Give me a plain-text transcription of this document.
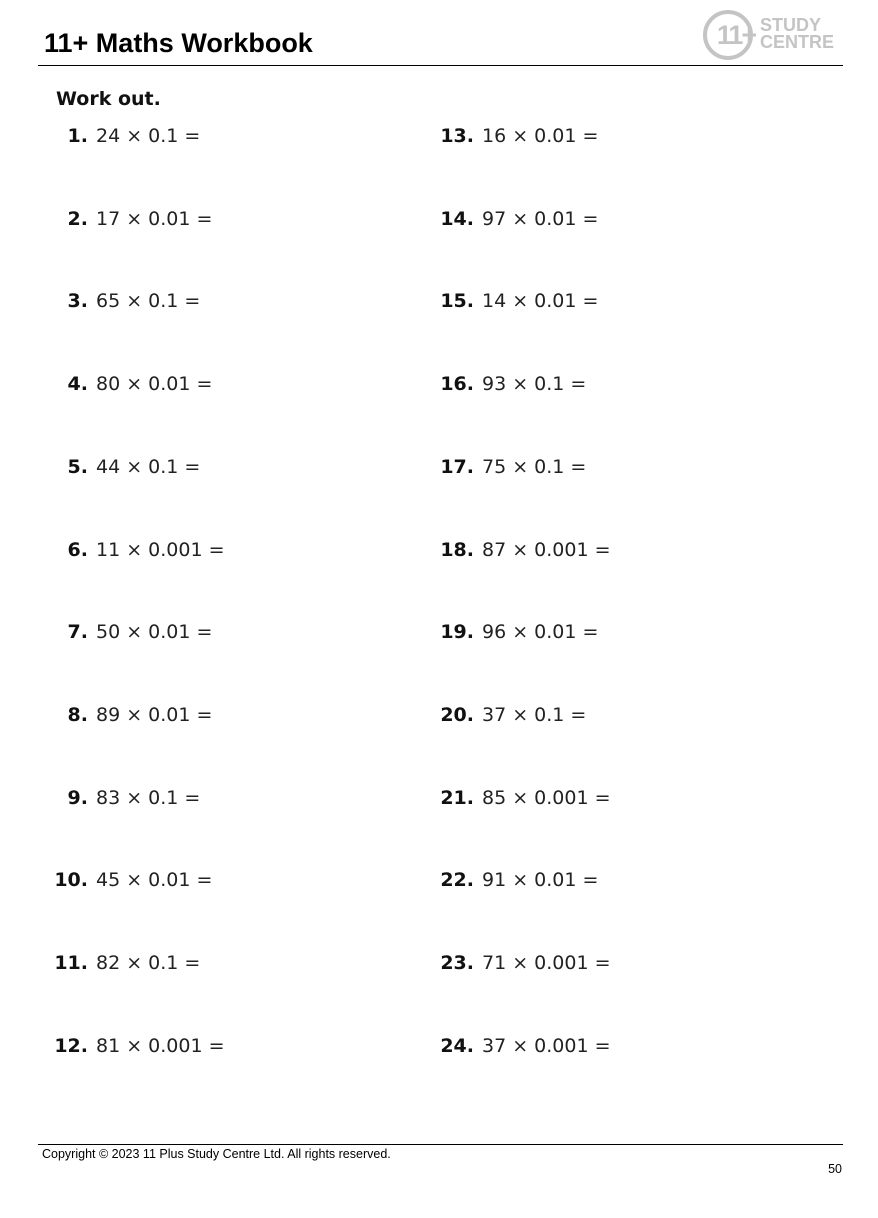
11+ Maths Workbook	11+ STUDY
CENTRE
Work out.
1. 24 × 0.1 =
2. 17 × 0.01 =
3. 65 × 0.1 =
4. 80 × 0.01 =
5. 44 × 0.1 =
6. 11 × 0.001 =
7. 50 × 0.01 =
8. 89 × 0.01 =
9. 83 × 0.1 =
10. 45 × 0.01 =
11. 82 × 0.1 =
12. 81 × 0.001 =
13. 16 × 0.01 =
14. 97 × 0.01 =
15. 14 × 0.01 =
16. 93 × 0.1 =
17. 75 × 0.1 =
18. 87 × 0.001 =
19. 96 × 0.01 =
20. 37 × 0.1 =
21. 85 × 0.001 =
22. 91 × 0.01 =
23. 71 × 0.001 =
24. 37 × 0.001 =
Copyright © 2023 11 Plus Study Centre Ltd. All rights reserved.
50
